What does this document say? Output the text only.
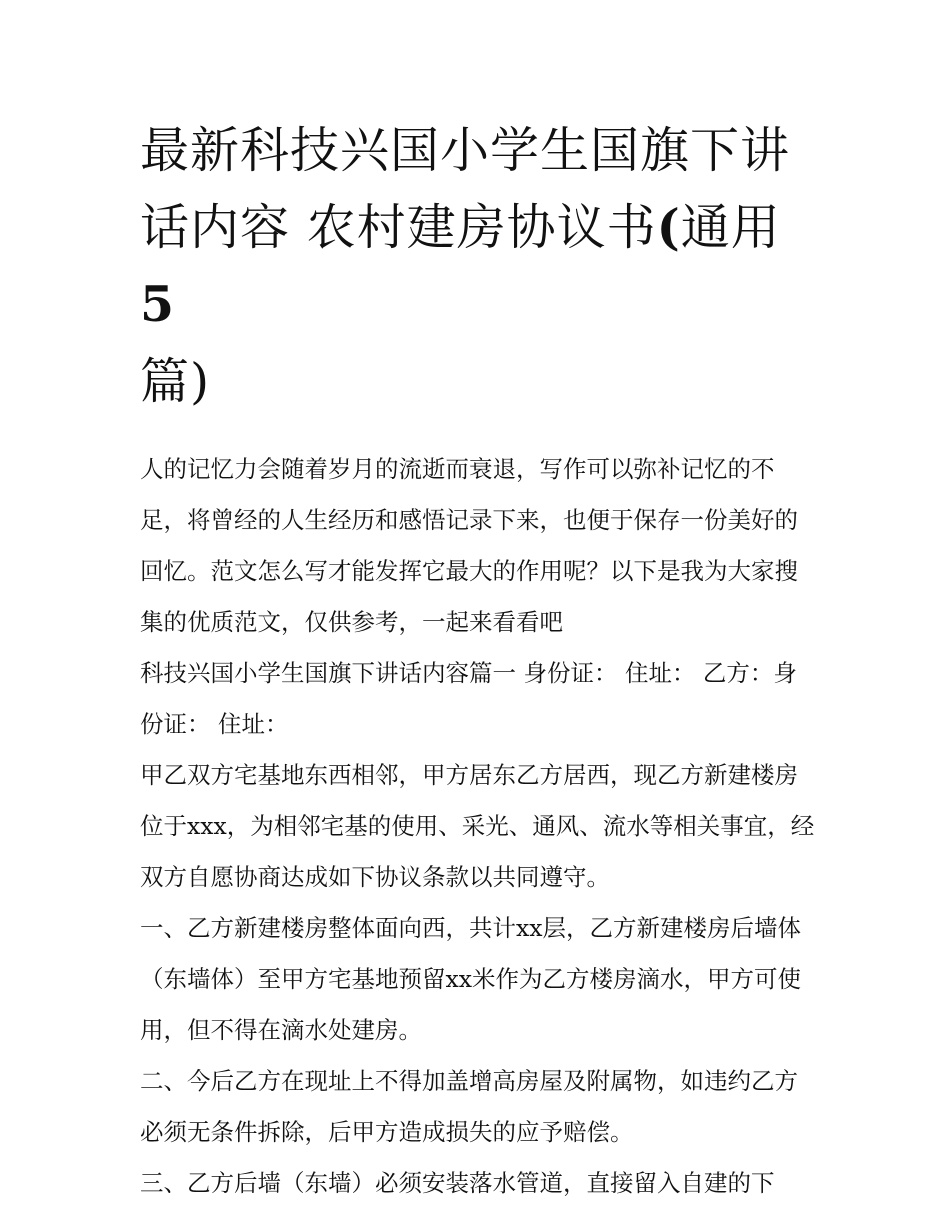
最新科技兴国小学生国旗下讲话内容 农村建房协议书(通用5
篇)

人的记忆力会随着岁月的流逝而衰退，写作可以弥补记忆的不足，将曾经的人生经历和感悟记录下来，也便于保存一份美好的回忆。范文怎么写才能发挥它最大的作用呢？以下是我为大家搜集的优质范文，仅供参考，一起来看看吧

科技兴国小学生国旗下讲话内容篇一 身份证： 住址： 乙方：身份证： 住址：

甲乙双方宅基地东西相邻，甲方居东乙方居西，现乙方新建楼房位于xxx，为相邻宅基的使用、采光、通风、流水等相关事宜，经双方自愿协商达成如下协议条款以共同遵守。

一、乙方新建楼房整体面向西，共计xx层，乙方新建楼房后墙体（东墙体）至甲方宅基地预留xx米作为乙方楼房滴水，甲方可使用，但不得在滴水处建房。

二、今后乙方在现址上不得加盖增高房屋及附属物，如违约乙方必须无条件拆除，后甲方造成损失的应予赔偿。

三、乙方后墙（东墙）必须安装落水管道，直接留入自建的下
